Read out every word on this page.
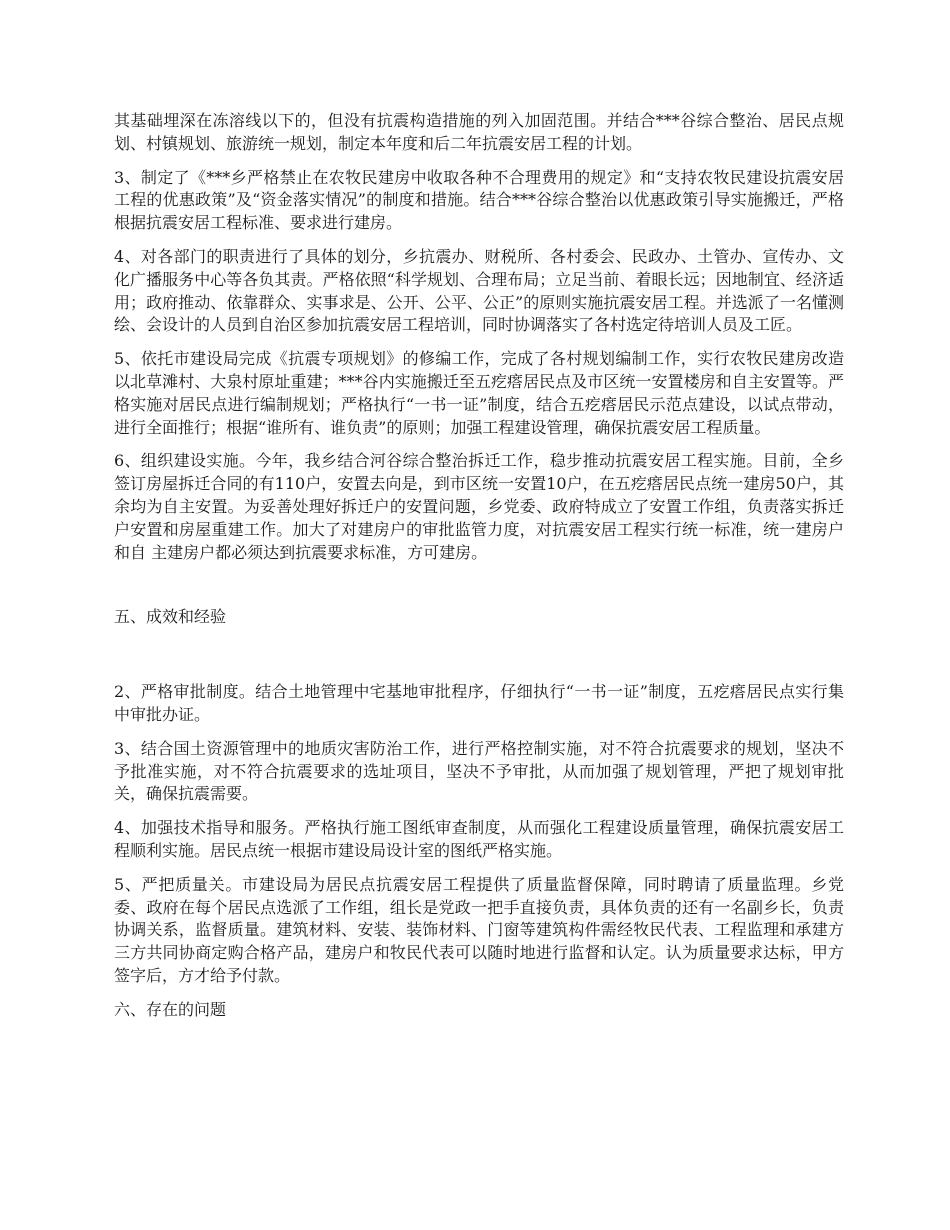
其基础埋深在冻溶线以下的，但没有抗震构造措施的列入加固范围。并结合***谷综合整治、居民点规划、村镇规划、旅游统一规划，制定本年度和后二年抗震安居工程的计划。

3、制定了《***乡严格禁止在农牧民建房中收取各种不合理费用的规定》和“支持农牧民建设抗震安居工程的优惠政策”及“资金落实情况”的制度和措施。结合***谷综合整治以优惠政策引导实施搬迁，严格根据抗震安居工程标准、要求进行建房。

4、对各部门的职责进行了具体的划分，乡抗震办、财税所、各村委会、民政办、土管办、宣传办、文化广播服务中心等各负其责。严格依照“科学规划、合理布局；立足当前、着眼长远；因地制宜、经济适用；政府推动、依靠群众、实事求是、公开、公平、公正”的原则实施抗震安居工程。并选派了一名懂测绘、会设计的人员到自治区参加抗震安居工程培训，同时协调落实了各村选定待培训人员及工匠。

5、依托市建设局完成《抗震专项规划》的修编工作，完成了各村规划编制工作，实行农牧民建房改造以北草滩村、大泉村原址重建；***谷内实施搬迁至五疙瘩居民点及市区统一安置楼房和自主安置等。严格实施对居民点进行编制规划；严格执行“一书一证”制度，结合五疙瘩居民示范点建设，以试点带动，进行全面推行；根据“谁所有、谁负责”的原则；加强工程建设管理，确保抗震安居工程质量。

6、组织建设实施。今年，我乡结合河谷综合整治拆迁工作，稳步推动抗震安居工程实施。目前，全乡签订房屋拆迁合同的有110户，安置去向是，到市区统一安置10户，在五疙瘩居民点统一建房50户，其余均为自主安置。为妥善处理好拆迁户的安置问题，乡党委、政府特成立了安置工作组，负责落实拆迁户安置和房屋重建工作。加大了对建房户的审批监管力度，对抗震安居工程实行统一标准，统一建房户和自 主建房户都必须达到抗震要求标准，方可建房。

五、成效和经验

2、严格审批制度。结合土地管理中宅基地审批程序，仔细执行“一书一证”制度，五疙瘩居民点实行集中审批办证。

3、结合国土资源管理中的地质灾害防治工作，进行严格控制实施，对不符合抗震要求的规划，坚决不予批准实施，对不符合抗震要求的选址项目，坚决不予审批，从而加强了规划管理，严把了规划审批关，确保抗震需要。

4、加强技术指导和服务。严格执行施工图纸审查制度，从而强化工程建设质量管理，确保抗震安居工程顺利实施。居民点统一根据市建设局设计室的图纸严格实施。

5、严把质量关。市建设局为居民点抗震安居工程提供了质量监督保障，同时聘请了质量监理。乡党委、政府在每个居民点选派了工作组，组长是党政一把手直接负责，具体负责的还有一名副乡长，负责协调关系，监督质量。建筑材料、安装、装饰材料、门窗等建筑构件需经牧民代表、工程监理和承建方三方共同协商定购合格产品，建房户和牧民代表可以随时地进行监督和认定。认为质量要求达标，甲方签字后，方才给予付款。

六、存在的问题
